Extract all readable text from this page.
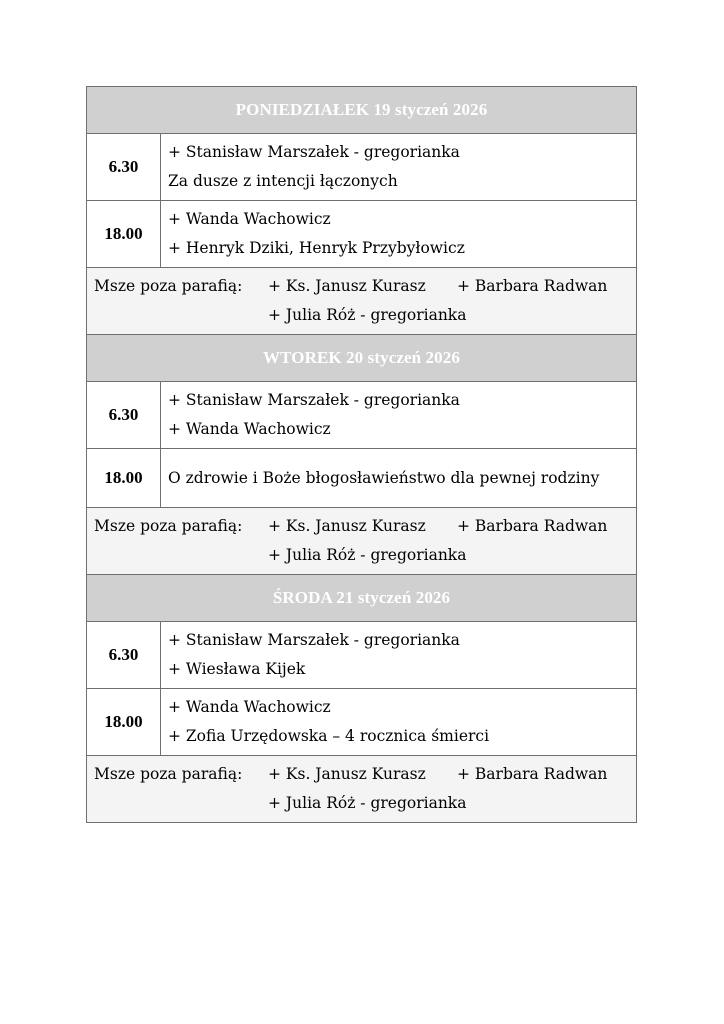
PONIEDZIAŁEK 19 styczeń 2026	
6.30	+ Stanisław Marszałek - gregorianka
Za dusze z intencji łączonych

18.00	+ Wanda Wachowicz
+ Henryk Dziki, Henryk Przybyłowicz

Msze poza parafią: + Ks. Janusz Kurasz + Barbara Radwan
+ Julia Róż - gregorianka	

WTOREK 20 styczeń 2026	
6.30	+ Stanisław Marszałek - gregorianka
+ Wanda Wachowicz

18.00	O zdrowie i Boże błogosławieństwo dla pewnej rodziny

Msze poza parafią: + Ks. Janusz Kurasz + Barbara Radwan
+ Julia Róż - gregorianka	

ŚRODA 21 styczeń 2026	
6.30	+ Stanisław Marszałek - gregorianka
+ Wiesława Kijek

18.00	+ Wanda Wachowicz
+ Zofia Urzędowska – 4 rocznica śmierci

Msze poza parafią: + Ks. Janusz Kurasz + Barbara Radwan
+ Julia Róż - gregorianka	
